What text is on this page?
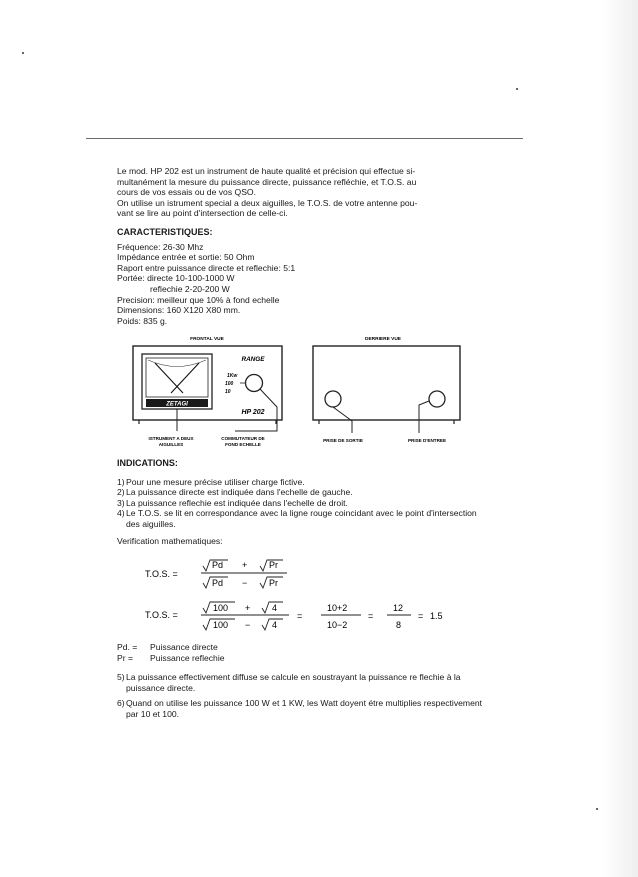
Le mod. HP 202 est un instrument de haute qualité et précision qui effectue si-

multanément la mesure du puissance directe, puissance refléchie, et T.O.S. au

cours de vos essais ou de vos QSO.

On utilise un istrument special a deux aiguilles, le T.O.S. de votre antenne pou-

vant se lire au point d'intersection de celle-ci.

CARACTERISTIQUES:
Fréquence: 26-30 Mhz
Impédance entrée et sortie: 50 Ohm
Raport entre puissance directe et reflechie: 5:1
Portée: directe 10-100-1000 W
reflechie 2-20-200 W
Precision: meilleur que 10% à fond echelle
Dimensions: 160 X120 X80 mm.
Poids: 835 g.
FRONTAL VUE	DERRIERE VUE
ZETAGI
RANGE
1Kw
100
10
HP 202
ISTRUMENT A DEUX
AIGUILLES
COMMUTATEUR DE
FOND ECHELLE
PRISE DE SORTIE	PRISE D'ENTREE
INDICATIONS:
1) Pour une mesure précise utiliser charge fictive.
2) La puissance directe est indiquée dans l'echelle de gauche.
3) La puissance reflechie est indiquée dans l'echelle de droit.
4) Le T.O.S. se lit en correspondance avec la ligne rouge coincidant avec le point d'intersection des aiguilles.
Verification mathematiques:
T.O.S. =
Pd + Pr
Pd − Pr
T.O.S. =
100 + 4
100 − 4
=
10+2
10−2
=
12
8
= 1.5
Pd. =	Puissance directe
Pr =	Puissance reflechie
5) La puissance effectivement diffuse se calcule en soustrayant la puissance re flechie à la puissance directe.
6) Quand on utilise les puissance 100 W et 1 KW, les Watt doyent étre multiplies respectivement par 10 et 100.
